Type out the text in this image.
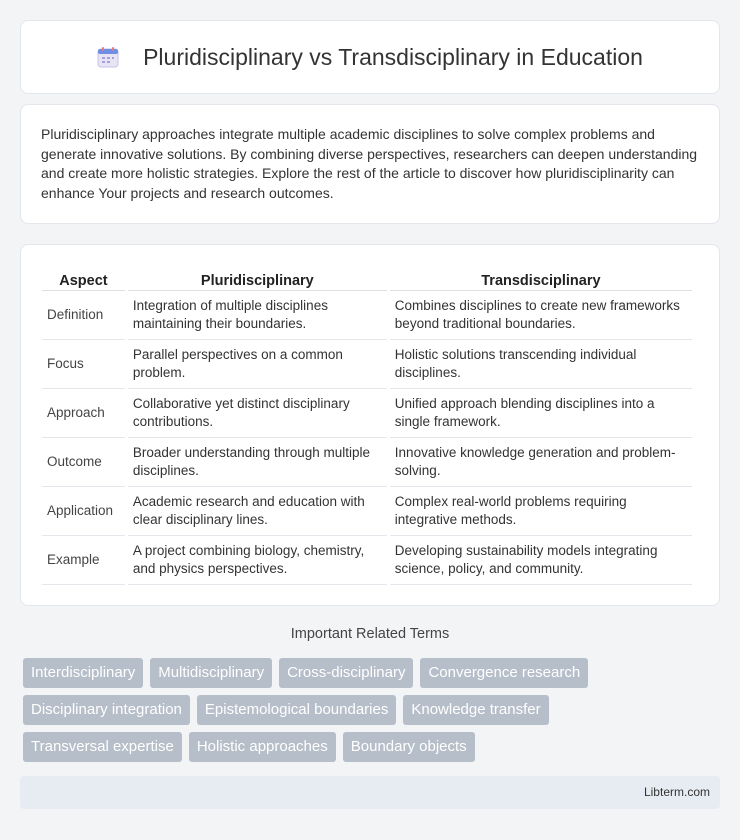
Pluridisciplinary vs Transdisciplinary in Education

Pluridisciplinary approaches integrate multiple academic disciplines to solve complex problems and generate innovative solutions. By combining diverse perspectives, researchers can deepen understanding and create more holistic strategies. Explore the rest of the article to discover how pluridisciplinarity can enhance Your projects and research outcomes.

Aspect	Pluridisciplinary	Transdisciplinary
Definition	Integration of multiple disciplines maintaining their boundaries.	Combines disciplines to create new frameworks beyond traditional boundaries.
Focus	Parallel perspectives on a common problem.	Holistic solutions transcending individual disciplines.
Approach	Collaborative yet distinct disciplinary contributions.	Unified approach blending disciplines into a single framework.
Outcome	Broader understanding through multiple disciplines.	Innovative knowledge generation and problem-solving.
Application	Academic research and education with clear disciplinary lines.	Complex real-world problems requiring integrative methods.
Example	A project combining biology, chemistry, and physics perspectives.	Developing sustainability models integrating science, policy, and community.
Important Related Terms
Interdisciplinary	Multidisciplinary	Cross-disciplinary	Convergence research
Disciplinary integration	Epistemological boundaries	Knowledge transfer
Transversal expertise	Holistic approaches	Boundary objects
Libterm.com
